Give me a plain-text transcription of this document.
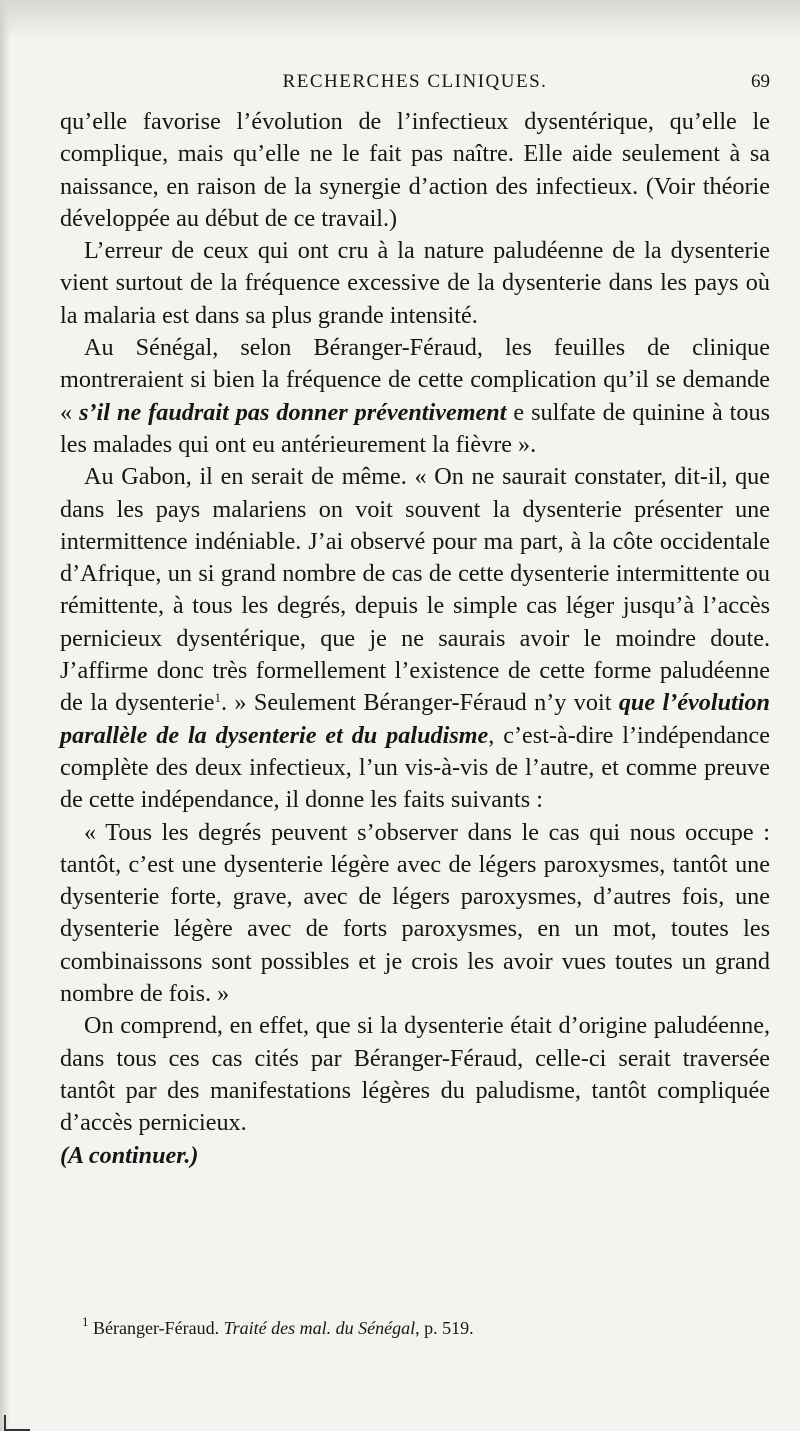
RECHERCHES CLINIQUES.	69

qu’elle favorise l’évolution de l’infectieux dysentérique, qu’elle le complique, mais qu’elle ne le fait pas naître. Elle aide seulement à sa naissance, en raison de la synergie d’action des infectieux. (Voir théorie développée au début de ce travail.)

L’erreur de ceux qui ont cru à la nature paludéenne de la dysenterie vient surtout de la fréquence excessive de la dysenterie dans les pays où la malaria est dans sa plus grande intensité.

Au Sénégal, selon Béranger-Féraud, les feuilles de clinique montreraient si bien la fréquence de cette complication qu’il se demande « s’il ne faudrait pas donner préventivement e sulfate de quinine à tous les malades qui ont eu antérieurement la fièvre ».

Au Gabon, il en serait de même. « On ne saurait constater, dit-il, que dans les pays malariens on voit souvent la dysenterie présenter une intermittence indéniable. J’ai observé pour ma part, à la côte occidentale d’Afrique, un si grand nombre de cas de cette dysenterie intermittente ou rémittente, à tous les degrés, depuis le simple cas léger jusqu’à l’accès pernicieux dysentérique, que je ne saurais avoir le moindre doute. J’affirme donc très formellement l’existence de cette forme paludéenne de la dysenterie$^1$. » Seulement Béranger-Féraud n’y voit que l’évolution parallèle de la dysenterie et du paludisme, c’est-à-dire l’indépendance complète des deux infectieux, l’un vis-à-vis de l’autre, et comme preuve de cette indépendance, il donne les faits suivants :

« Tous les degrés peuvent s’observer dans le cas qui nous occupe : tantôt, c’est une dysenterie légère avec de légers paroxysmes, tantôt une dysenterie forte, grave, avec de légers paroxysmes, d’autres fois, une dysenterie légère avec de forts paroxysmes, en un mot, toutes les combinaissons sont possibles et je crois les avoir vues toutes un grand nombre de fois. »

On comprend, en effet, que si la dysenterie était d’origine paludéenne, dans tous ces cas cités par Béranger-Féraud, celle-ci serait traversée tantôt par des manifestations légères du paludisme, tantôt compliquée d’accès pernicieux.

(A continuer.)

$^1$ Béranger-Féraud. Traité des mal. du Sénégal, p. 519.
